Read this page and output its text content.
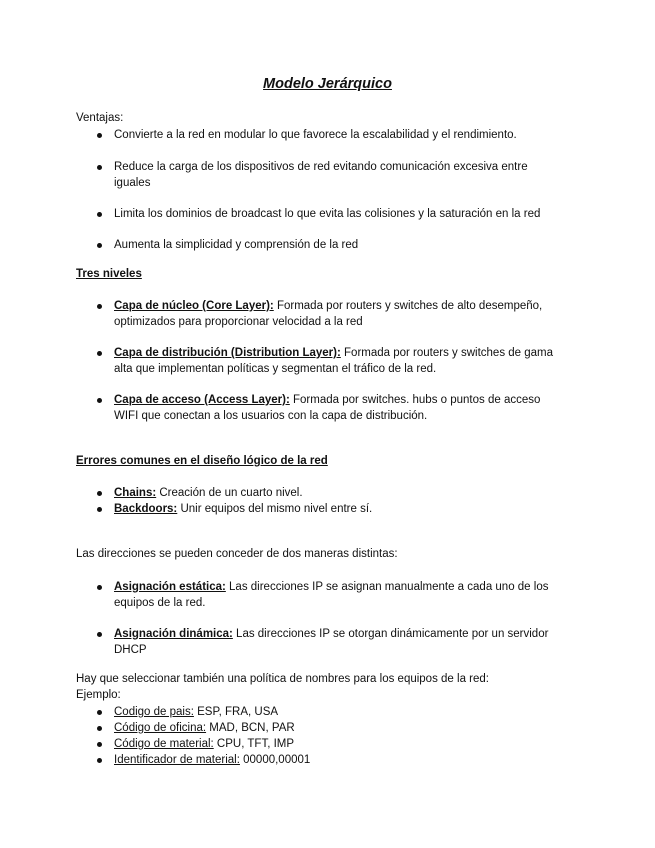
Modelo Jerárquico
Ventajas:
Convierte a la red en modular lo que favorece la escalabilidad y el rendimiento.
Reduce la carga de los dispositivos de red evitando comunicación excesiva entre
iguales
Limita los dominios de broadcast lo que evita las colisiones y la saturación en la red
Aumenta la simplicidad y comprensión de la red
Tres niveles
Capa de núcleo (Core Layer): Formada por routers y switches de alto desempeño,
optimizados para proporcionar velocidad a la red
Capa de distribución (Distribution Layer): Formada por routers y switches de gama
alta que implementan políticas y segmentan el tráfico de la red.
Capa de acceso (Access Layer): Formada por switches. hubs o puntos de acceso
WIFI que conectan a los usuarios con la capa de distribución.
Errores comunes en el diseño lógico de la red
Chains: Creación de un cuarto nivel.
Backdoors: Unir equipos del mismo nivel entre sí.
Las direcciones se pueden conceder de dos maneras distintas:
Asignación estática: Las direcciones IP se asignan manualmente a cada uno de los
equipos de la red.
Asignación dinámica: Las direcciones IP se otorgan dinámicamente por un servidor
DHCP
Hay que seleccionar también una política de nombres para los equipos de la red:
Ejemplo:
Codigo de pais: ESP, FRA, USA
Código de oficina: MAD, BCN, PAR
Código de material: CPU, TFT, IMP
Identificador de material: 00000,00001
